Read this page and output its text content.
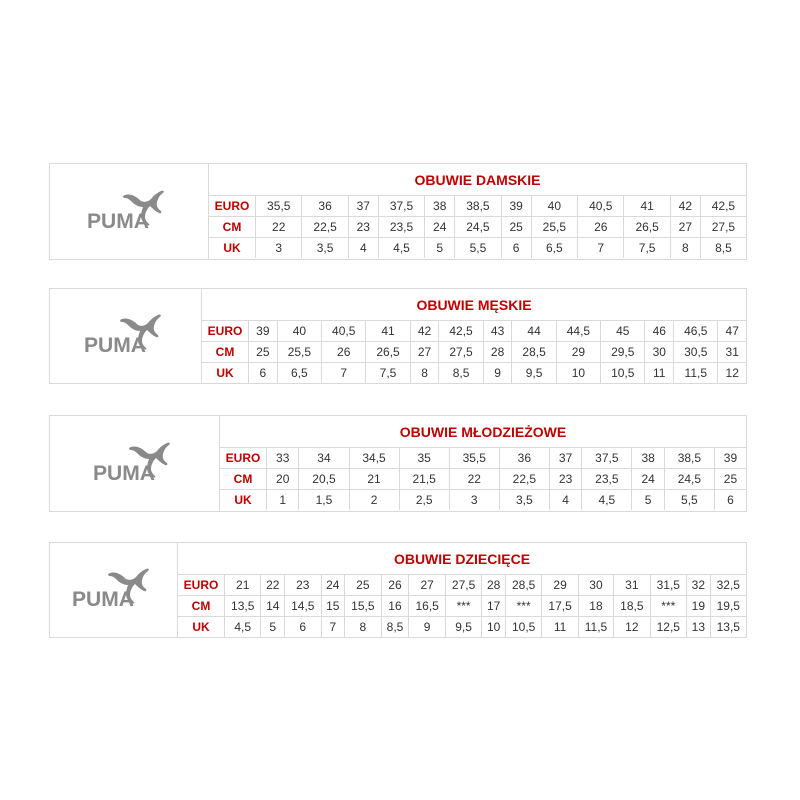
PUMA
OBUWIE DAMSKIE
EURO	35,5	36	37	37,5	38	38,5	39	40	40,5	41	42	42,5
CM	22	22,5	23	23,5	24	24,5	25	25,5	26	26,5	27	27,5
UK	3	3,5	4	4,5	5	5,5	6	6,5	7	7,5	8	8,5
PUMA
OBUWIE MĘSKIE
EURO	39	40	40,5	41	42	42,5	43	44	44,5	45	46	46,5	47
CM	25	25,5	26	26,5	27	27,5	28	28,5	29	29,5	30	30,5	31
UK	6	6,5	7	7,5	8	8,5	9	9,5	10	10,5	11	11,5	12
PUMA
OBUWIE MŁODZIEŻOWE
EURO	33	34	34,5	35	35,5	36	37	37,5	38	38,5	39
CM	20	20,5	21	21,5	22	22,5	23	23,5	24	24,5	25
UK	1	1,5	2	2,5	3	3,5	4	4,5	5	5,5	6
PUMA
OBUWIE DZIECIĘCE
EURO	21	22	23	24	25	26	27	27,5	28	28,5	29	30	31	31,5	32	32,5
CM	13,5	14	14,5	15	15,5	16	16,5	***	17	***	17,5	18	18,5	***	19	19,5
UK	4,5	5	6	7	8	8,5	9	9,5	10	10,5	11	11,5	12	12,5	13	13,5
